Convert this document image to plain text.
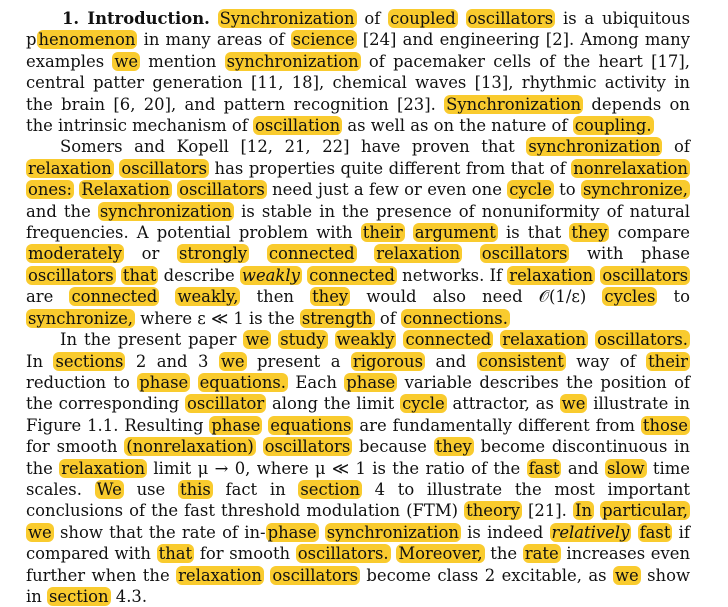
1. Introduction. Synchronization of coupled oscillators is a ubiquitous p henomenon in many areas of science [24] and engineering [2]. Among many examples we mention synchronization of pacemaker cells of the heart [17], central patter generation [11, 18], chemical waves [13], rhythmic activity in the brain [6, 20], and pattern recognition [23]. Synchronization depends on the intrinsic mechanism of oscillation as well as on the nature of coupling.

Somers and Kopell [12, 21, 22] have proven that synchronization of relaxation oscillators has properties quite different from that of nonrelaxation ones: Relaxation oscillators need just a few or even one cycle to synchronize, and the synchronization is stable in the presence of nonuniformity of natural frequencies. A potential problem with their argument is that they compare moderately or strongly connected relaxation oscillators with phase oscillators that describe weakly connected networks. If relaxation oscillators are connected weakly, then they would also need 𝒪(1/ε) cycles to synchronize, where ε ≪ 1 is the strength of connections.

In the present paper we study weakly connected relaxation oscillators. In sections 2 and 3 we present a rigorous and consistent way of their reduction to phase equations. Each phase variable describes the position of the corresponding oscillator along the limit cycle attractor, as we illustrate in Figure 1.1. Resulting phase equations are fundamentally different from those for smooth (nonrelaxation) oscillators because they become discontinuous in the relaxation limit μ → 0, where μ ≪ 1 is the ratio of the fast and slow time scales. We use this fact in section 4 to illustrate the most important conclusions of the fast threshold modulation (FTM) theory [21]. In particular, we show that the rate of in- phase synchronization is indeed relatively fast if compared with that for smooth oscillators. Moreover, the rate increases even further when the relaxation oscillators become class 2 excitable, as we show in section 4.3.
